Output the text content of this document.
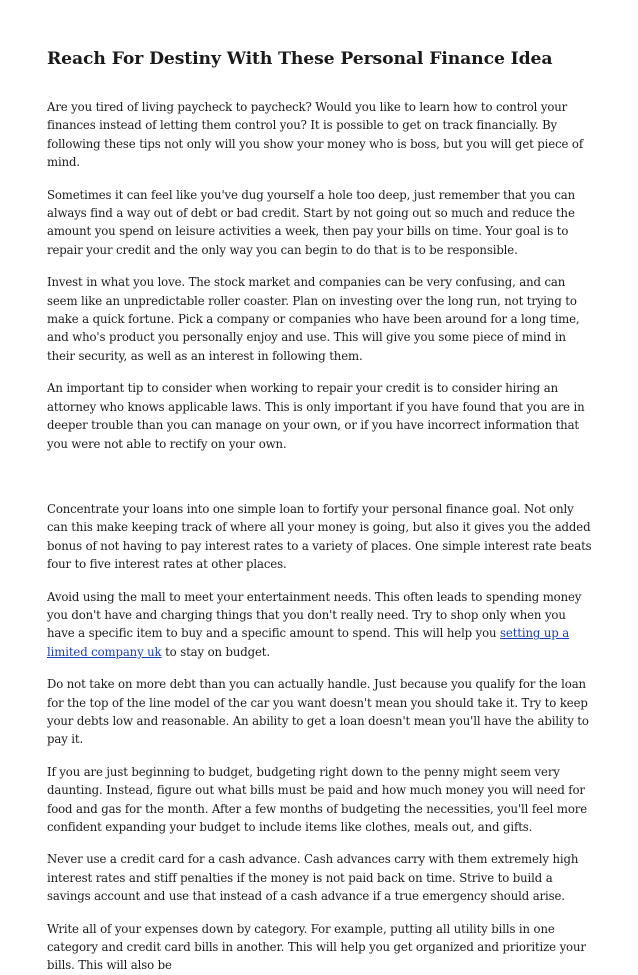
Reach For Destiny With These Personal Finance Idea

Are you tired of living paycheck to paycheck? Would you like to learn how to control your finances instead of letting them control you? It is possible to get on track financially. By following these tips not only will you show your money who is boss, but you will get piece of mind.

Sometimes it can feel like you've dug yourself a hole too deep, just remember that you can always find a way out of debt or bad credit. Start by not going out so much and reduce the amount you spend on leisure activities a week, then pay your bills on time. Your goal is to repair your credit and the only way you can begin to do that is to be responsible.

Invest in what you love. The stock market and companies can be very confusing, and can seem like an unpredictable roller coaster. Plan on investing over the long run, not trying to make a quick fortune. Pick a company or companies who have been around for a long time, and who's product you personally enjoy and use. This will give you some piece of mind in their security, as well as an interest in following them.

An important tip to consider when working to repair your credit is to consider hiring an attorney who knows applicable laws. This is only important if you have found that you are in deeper trouble than you can manage on your own, or if you have incorrect information that you were not able to rectify on your own.

Concentrate your loans into one simple loan to fortify your personal finance goal. Not only can this make keeping track of where all your money is going, but also it gives you the added bonus of not having to pay interest rates to a variety of places. One simple interest rate beats four to five interest rates at other places.

Avoid using the mall to meet your entertainment needs. This often leads to spending money you don't have and charging things that you don't really need. Try to shop only when you have a specific item to buy and a specific amount to spend. This will help you setting up a limited company uk to stay on budget.

Do not take on more debt than you can actually handle. Just because you qualify for the loan for the top of the line model of the car you want doesn't mean you should take it. Try to keep your debts low and reasonable. An ability to get a loan doesn't mean you'll have the ability to pay it.

If you are just beginning to budget, budgeting right down to the penny might seem very daunting. Instead, figure out what bills must be paid and how much money you will need for food and gas for the month. After a few months of budgeting the necessities, you'll feel more confident expanding your budget to include items like clothes, meals out, and gifts.

Never use a credit card for a cash advance. Cash advances carry with them extremely high interest rates and stiff penalties if the money is not paid back on time. Strive to build a savings account and use that instead of a cash advance if a true emergency should arise.

Write all of your expenses down by category. For example, putting all utility bills in one category and credit card bills in another. This will help you get organized and prioritize your bills. This will also be
